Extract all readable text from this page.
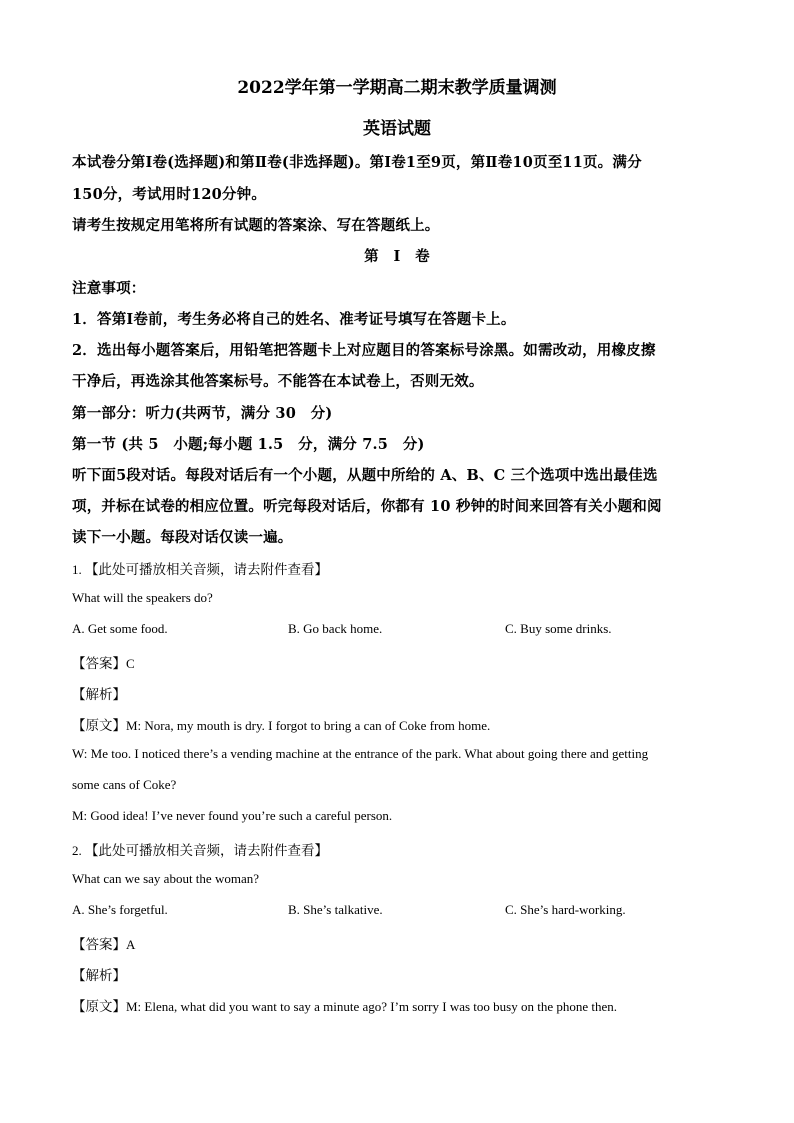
2022学年第一学期高二期末教学质量调测
英语试题
本试卷分第Ⅰ卷(选择题)和第Ⅱ卷(非选择题)。第Ⅰ卷1至9页，第Ⅱ卷10页至11页。满分
150分，考试用时120分钟。
请考生按规定用笔将所有试题的答案涂、写在答题纸上。
第　Ⅰ　卷
注意事项：
1．答第Ⅰ卷前，考生务必将自己的姓名、准考证号填写在答题卡上。
2．选出每小题答案后，用铅笔把答题卡上对应题目的答案标号涂黑。如需改动，用橡皮擦
干净后，再选涂其他答案标号。不能答在本试卷上，否则无效。
第一部分：听力(共两节，满分 30　分)
第一节 (共 5　小题;每小题 1.5　分，满分 7.5　分)
听下面5段对话。每段对话后有一个小题，从题中所给的 A、B、C 三个选项中选出最佳选
项，并标在试卷的相应位置。听完每段对话后，你都有 10 秒钟的时间来回答有关小题和阅
读下一小题。每段对话仅读一遍。
1. 【此处可播放相关音频，请去附件查看】
What will the speakers do?
A. Get some food.	B. Go back home.	C. Buy some drinks.
【答案】C
【解析】
【原文】M: Nora, my mouth is dry. I forgot to bring a can of Coke from home.
W: Me too. I noticed there’s a vending machine at the entrance of the park. What about going there and getting
some cans of Coke?
M: Good idea! I’ve never found you’re such a careful person.
2. 【此处可播放相关音频，请去附件查看】
What can we say about the woman?
A. She’s forgetful.	B. She’s talkative.	C. She’s hard-working.
【答案】A
【解析】
【原文】M: Elena, what did you want to say a minute ago? I’m sorry I was too busy on the phone then.
